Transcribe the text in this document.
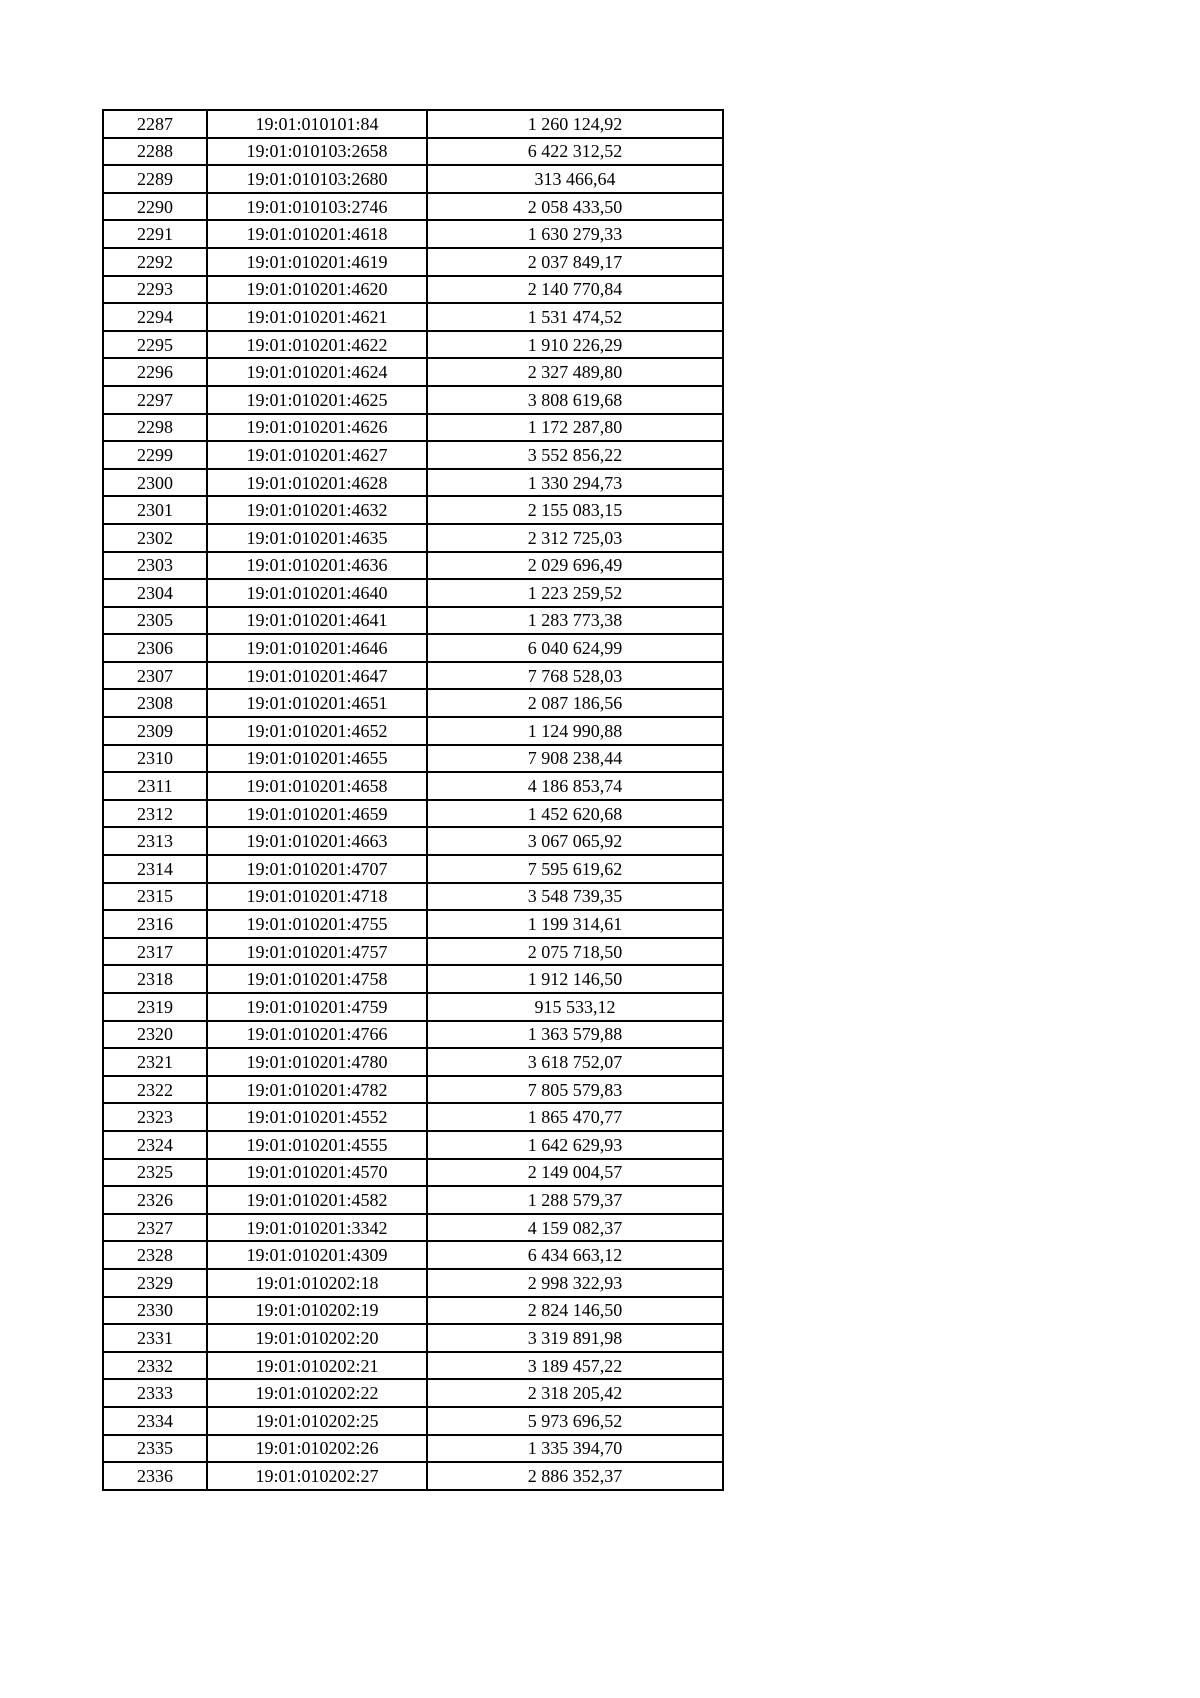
2287	19:01:010101:84	1 260 124,92
2288	19:01:010103:2658	6 422 312,52
2289	19:01:010103:2680	313 466,64
2290	19:01:010103:2746	2 058 433,50
2291	19:01:010201:4618	1 630 279,33
2292	19:01:010201:4619	2 037 849,17
2293	19:01:010201:4620	2 140 770,84
2294	19:01:010201:4621	1 531 474,52
2295	19:01:010201:4622	1 910 226,29
2296	19:01:010201:4624	2 327 489,80
2297	19:01:010201:4625	3 808 619,68
2298	19:01:010201:4626	1 172 287,80
2299	19:01:010201:4627	3 552 856,22
2300	19:01:010201:4628	1 330 294,73
2301	19:01:010201:4632	2 155 083,15
2302	19:01:010201:4635	2 312 725,03
2303	19:01:010201:4636	2 029 696,49
2304	19:01:010201:4640	1 223 259,52
2305	19:01:010201:4641	1 283 773,38
2306	19:01:010201:4646	6 040 624,99
2307	19:01:010201:4647	7 768 528,03
2308	19:01:010201:4651	2 087 186,56
2309	19:01:010201:4652	1 124 990,88
2310	19:01:010201:4655	7 908 238,44
2311	19:01:010201:4658	4 186 853,74
2312	19:01:010201:4659	1 452 620,68
2313	19:01:010201:4663	3 067 065,92
2314	19:01:010201:4707	7 595 619,62
2315	19:01:010201:4718	3 548 739,35
2316	19:01:010201:4755	1 199 314,61
2317	19:01:010201:4757	2 075 718,50
2318	19:01:010201:4758	1 912 146,50
2319	19:01:010201:4759	915 533,12
2320	19:01:010201:4766	1 363 579,88
2321	19:01:010201:4780	3 618 752,07
2322	19:01:010201:4782	7 805 579,83
2323	19:01:010201:4552	1 865 470,77
2324	19:01:010201:4555	1 642 629,93
2325	19:01:010201:4570	2 149 004,57
2326	19:01:010201:4582	1 288 579,37
2327	19:01:010201:3342	4 159 082,37
2328	19:01:010201:4309	6 434 663,12
2329	19:01:010202:18	2 998 322,93
2330	19:01:010202:19	2 824 146,50
2331	19:01:010202:20	3 319 891,98
2332	19:01:010202:21	3 189 457,22
2333	19:01:010202:22	2 318 205,42
2334	19:01:010202:25	5 973 696,52
2335	19:01:010202:26	1 335 394,70
2336	19:01:010202:27	2 886 352,37
